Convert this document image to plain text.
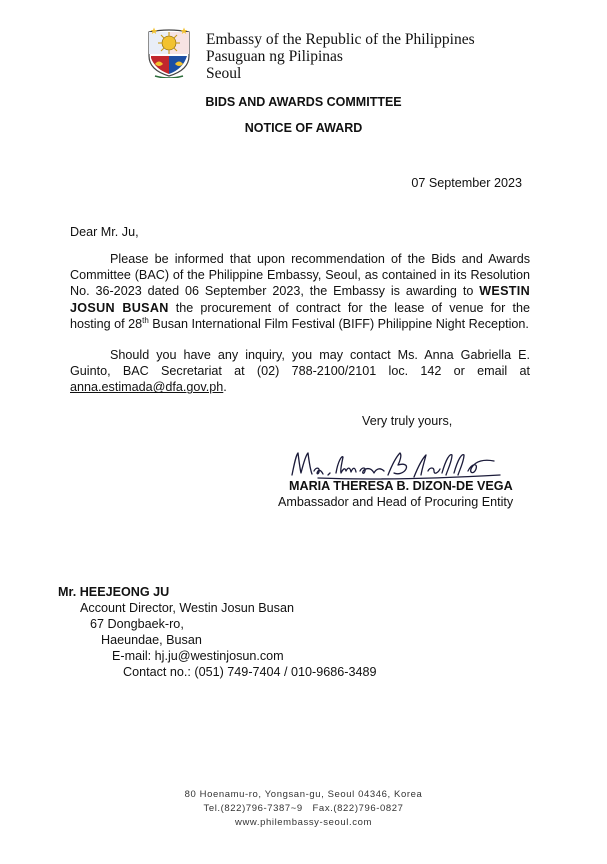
Embassy of the Republic of the Philippines
Pasuguan ng Pilipinas
Seoul
BIDS AND AWARDS COMMITTEE
NOTICE OF AWARD
07 September 2023
Dear Mr. Ju,
Please be informed that upon recommendation of the Bids and Awards Committee (BAC) of the Philippine Embassy, Seoul, as contained in its Resolution No. 36-2023 dated 06 September 2023, the Embassy is awarding to WESTIN JOSUN BUSAN the procurement of contract for the lease of venue for the hosting of 28th Busan International Film Festival (BIFF) Philippine Night Reception.
Should you have any inquiry, you may contact Ms. Anna Gabriella E. Guinto, BAC Secretariat at (02) 788-2100/2101 loc. 142 or email at anna.estimada@dfa.gov.ph.
Very truly yours,
MARIA THERESA B. DIZON-DE VEGA
Ambassador and Head of Procuring Entity
Mr. HEEJEONG JU
Account Director, Westin Josun Busan
67 Dongbaek-ro,
Haeundae, Busan
E-mail: hj.ju@westinjosun.com
Contact no.: (051) 749-7404 / 010-9686-3489
80 Hoenamu-ro, Yongsan-gu, Seoul 04346, Korea
Tel.(822)796-7387~9   Fax.(822)796-0827
www.philembassy-seoul.com
